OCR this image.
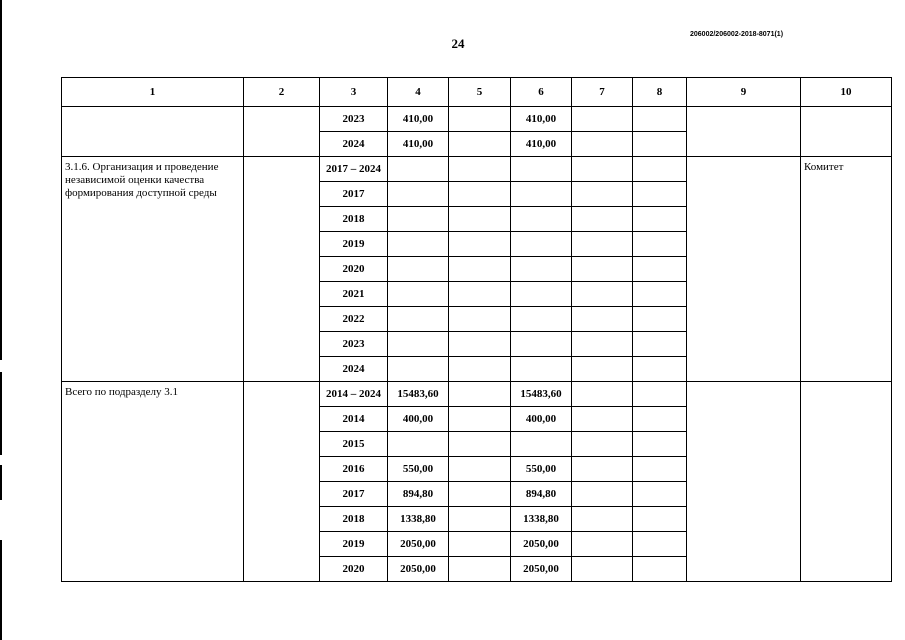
24
206002/206002-2018-8071(1)
1	2	3	4	5	6	7	8	9	10
		2023	410,00		410,00				
		2024	410,00		410,00				
3.1.6. Организация и проведение независимой оценки качества формирования доступной среды		2017 – 2024							Комитет
		2017							
		2018							
		2019							
		2020							
		2021							
		2022							
		2023							
		2024							
Всего по подразделу 3.1		2014 – 2024	15483,60		15483,60				
		2014	400,00		400,00				
		2015							
		2016	550,00		550,00				
		2017	894,80		894,80				
		2018	1338,80		1338,80				
		2019	2050,00		2050,00				
		2020	2050,00		2050,00				
